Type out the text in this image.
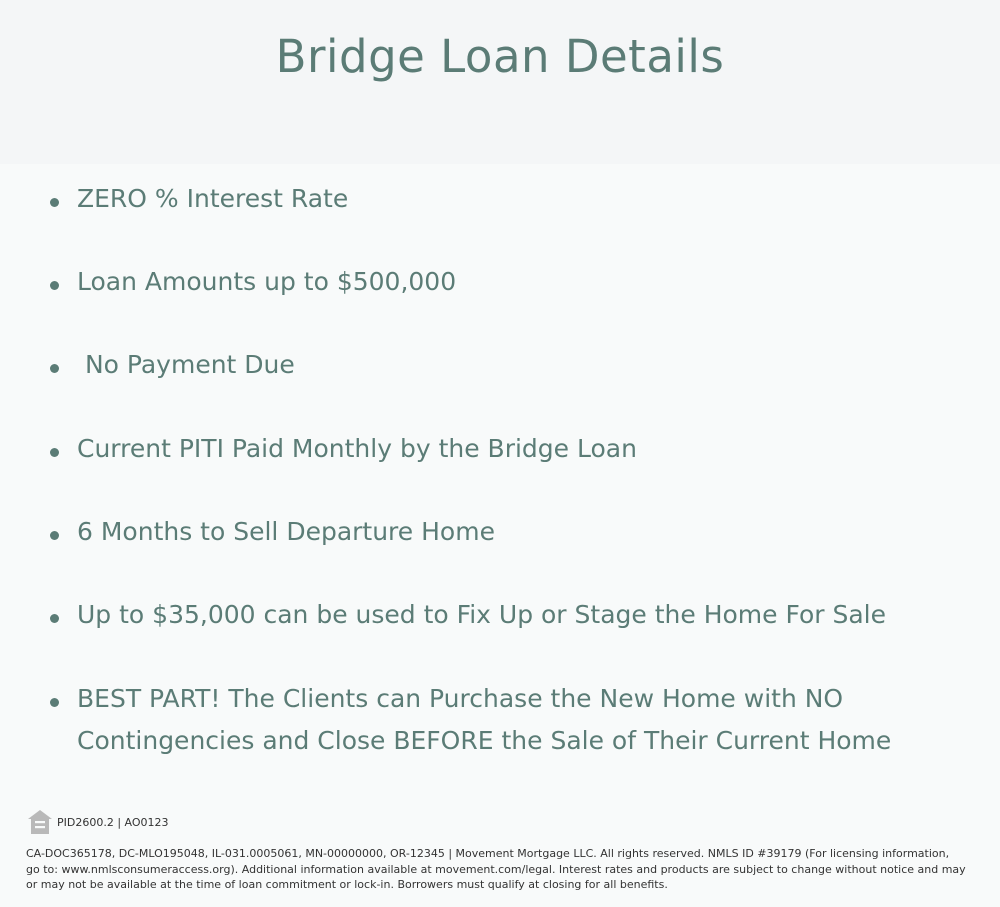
Bridge Loan Details
ZERO % Interest Rate
Loan Amounts up to $500,000
No Payment Due
Current PITI Paid Monthly by the Bridge Loan
6 Months to Sell Departure Home
Up to $35,000 can be used to Fix Up or Stage the Home For Sale
BEST PART! The Clients can Purchase the New Home with NO Contingencies and Close BEFORE the Sale of Their Current Home
PID2600.2 | AO0123
CA-DOC365178, DC-MLO195048, IL-031.0005061, MN-00000000, OR-12345 | Movement Mortgage LLC. All rights reserved. NMLS ID #39179 (For licensing information, go to: www.nmlsconsumeraccess.org). Additional information available at movement.com/legal. Interest rates and products are subject to change without notice and may or may not be available at the time of loan commitment or lock-in. Borrowers must qualify at closing for all benefits.
